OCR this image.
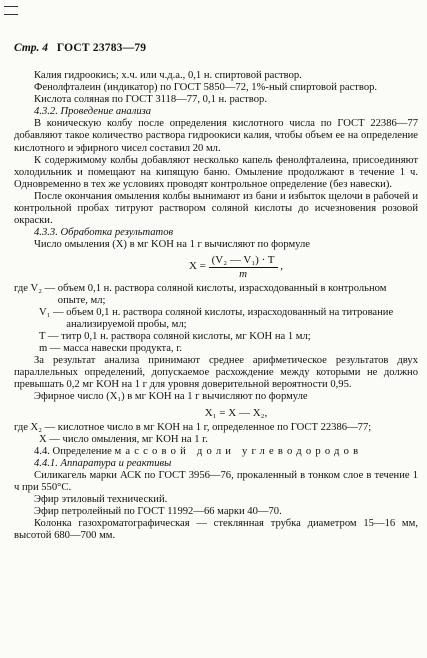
Стр. 4 ГОСТ 23783—79

Калия гидроокись; х.ч. или ч.д.а., 0,1 н. спиртовой раствор.

Фенолфталеин (индикатор) по ГОСТ 5850—72, 1%-ный спиртовой раствор.

Кислота соляная по ГОСТ 3118—77, 0,1 н. раствор.

4.3.2. Проведение анализа

В коническую колбу после определения кислотного числа по ГОСТ 22386—77 добавляют такое количество раствора гидроокиси калия, чтобы объем ее на определение кислотного и эфирного чисел составил 20 мл.

К содержимому колбы добавляют несколько капель фенолфталеина, присоединяют холодильник и помещают на кипящую баню. Омыление продолжают в течение 1 ч. Одновременно в тех же условиях проводят контрольное определение (без навески).

После окончания омыления колбы вынимают из бани и избыток щелочи в рабочей и контрольной пробах титруют раствором соляной кислоты до исчезновения розовой окраски.

4.3.3. Обработка результатов

Число омыления (X) в мг KOH на 1 г вычисляют по формуле

$X = \frac{\text{(V₂ — V₁) · T}}{m}$ ,
где V₂ — объем 0,1 н. раствора соляной кислоты, израсходованный в контрольном опыте, мл;
V₁ — объем 0,1 н. раствора соляной кислоты, израсходованный на титрование анализируемой пробы, мл;
T — титр 0,1 н. раствора соляной кислоты, мг KOH на 1 мл;
m — масса навески продукта, г.

За результат анализа принимают среднее арифметическое результатов двух параллельных определений, допускаемое расхождение между которыми не должно превышать 0,2 мг KOH на 1 г для уровня доверительной вероятности 0,95.

Эфирное число (X₁) в мг KOH на 1 г вычисляют по формуле

X₁ = X — X₂,
где X₂ — кислотное число в мг KOH на 1 г, определенное по ГОСТ 22386—77;
X — число омыления, мг KOH на 1 г.

4.4. Определение массовой доли углеводородов

4.4.1. Аппаратура и реактивы

Силикагель марки АСК по ГОСТ 3956—76, прокаленный в тонком слое в течение 1 ч при 550°С.

Эфир этиловый технический.

Эфир петролейный по ГОСТ 11992—66 марки 40—70.

Колонка газохроматографическая — стеклянная трубка диаметром 15—16 мм, высотой 680—700 мм.
